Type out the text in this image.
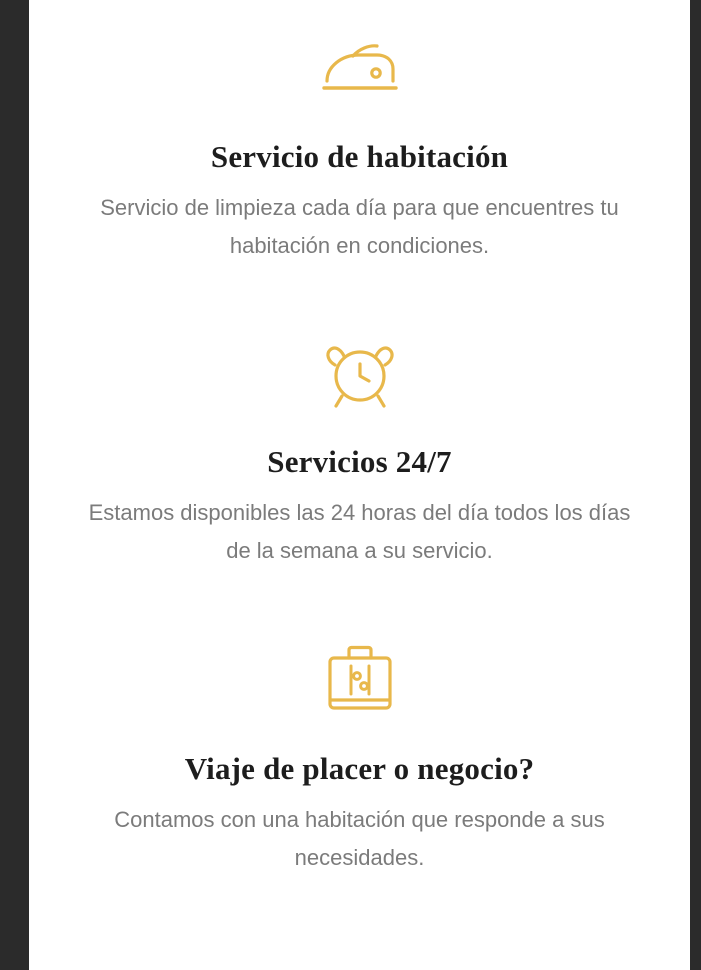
Servicio de habitación

Servicio de limpieza cada día para que encuentres tu habitación en condiciones.

Servicios 24/7

Estamos disponibles las 24 horas del día todos los días de la semana a su servicio.

Viaje de placer o negocio?

Contamos con una habitación que responde a sus necesidades.
